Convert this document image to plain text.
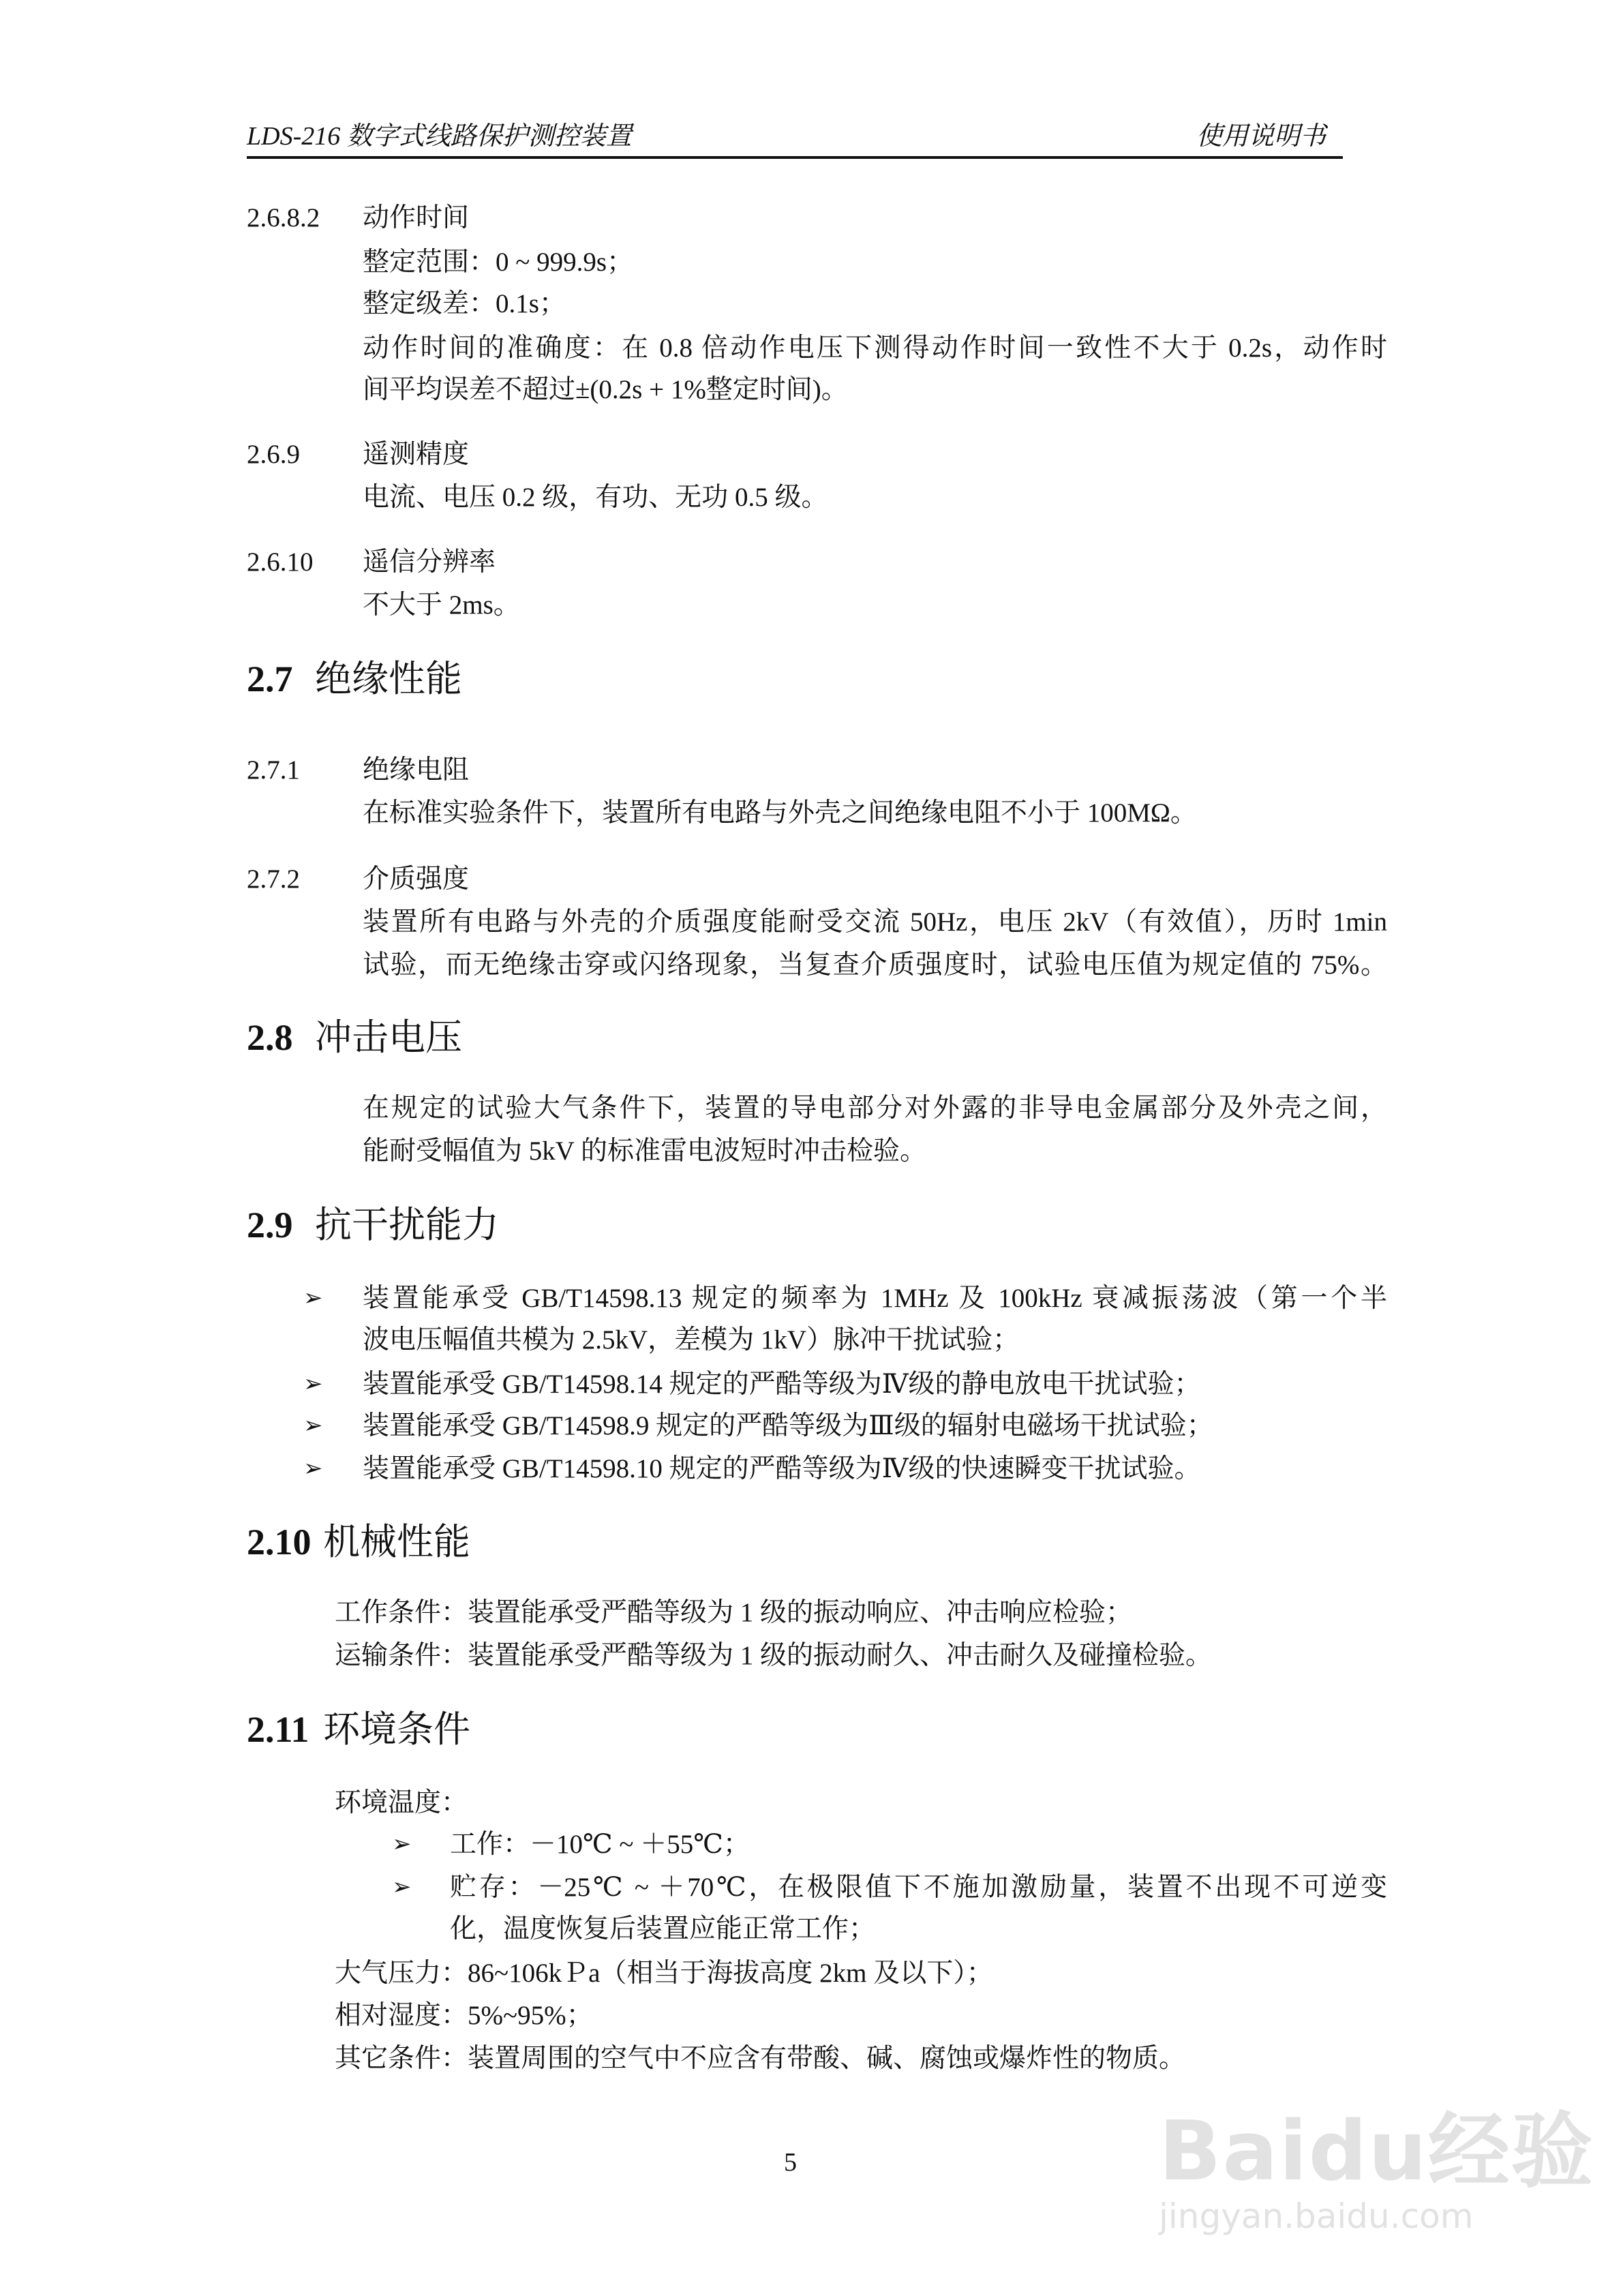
LDS-216 数字式线路保护测控装置	使用说明书
2.6.8.2 动作时间
整定范围：0 ~ 999.9s；
整定级差：0.1s；
动作时间的准确度：在 0.8 倍动作电压下测得动作时间一致性不大于 0.2s，动作时
间平均误差不超过±(0.2s + 1%整定时间)。
2.6.9 遥测精度
电流、电压 0.2 级，有功、无功 0.5 级。
2.6.10 遥信分辨率
不大于 2ms。
2.7 绝缘性能
2.7.1 绝缘电阻
在标准实验条件下，装置所有电路与外壳之间绝缘电阻不小于 100MΩ。
2.7.2 介质强度
装置所有电路与外壳的介质强度能耐受交流 50Hz，电压 2kV（有效值），历时 1min
试验，而无绝缘击穿或闪络现象，当复查介质强度时，试验电压值为规定值的 75%。
2.8 冲击电压
在规定的试验大气条件下，装置的导电部分对外露的非导电金属部分及外壳之间，
能耐受幅值为 5kV 的标准雷电波短时冲击检验。
2.9 抗干扰能力
➢ 装置能承受 GB/T14598.13 规定的频率为 1MHz 及 100kHz 衰减振荡波（第一个半
波电压幅值共模为 2.5kV，差模为 1kV）脉冲干扰试验；
➢ 装置能承受 GB/T14598.14 规定的严酷等级为Ⅳ级的静电放电干扰试验；
➢ 装置能承受 GB/T14598.9 规定的严酷等级为Ⅲ级的辐射电磁场干扰试验；
➢ 装置能承受 GB/T14598.10 规定的严酷等级为Ⅳ级的快速瞬变干扰试验。
2.10 机械性能
工作条件：装置能承受严酷等级为 1 级的振动响应、冲击响应检验；
运输条件：装置能承受严酷等级为 1 级的振动耐久、冲击耐久及碰撞检验。
2.11 环境条件
环境温度：
➢ 工作：－10℃ ~ ＋55℃；
➢ 贮存：－25℃ ~ ＋70℃，在极限值下不施加激励量，装置不出现不可逆变
化，温度恢复后装置应能正常工作；
大气压力：86~106kＰa（相当于海拔高度 2km 及以下）；
相对湿度：5%~95%；
其它条件：装置周围的空气中不应含有带酸、碱、腐蚀或爆炸性的物质。
5	Baidu经验
jingyan.baidu.com
